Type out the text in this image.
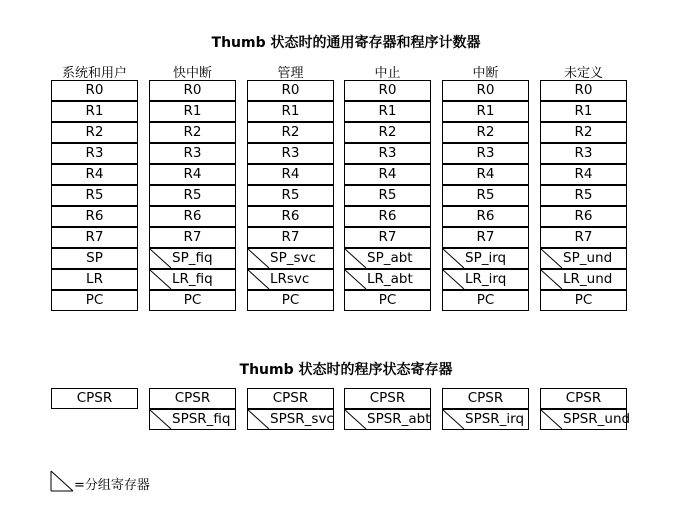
Thumb 状态时的通用寄存器和程序计数器
系统和用户
R0
R1
R2
R3
R4
R5
R6
R7
SP
LR
PC
快中断
R0
R1
R2
R3
R4
R5
R6
R7
SP_fiq
LR_fiq
PC
管理
R0
R1
R2
R3
R4
R5
R6
R7
SP_svc
LRsvc
PC
中止
R0
R1
R2
R3
R4
R5
R6
R7
SP_abt
LR_abt
PC
中断
R0
R1
R2
R3
R4
R5
R6
R7
SP_irq
LR_irq
PC
未定义
R0
R1
R2
R3
R4
R5
R6
R7
SP_und
LR_und
PC
Thumb 状态时的程序状态寄存器
CPSR	CPSR
SPSR_fiq
CPSR
SPSR_svc
CPSR
SPSR_abt
CPSR
SPSR_irq
CPSR
SPSR_und
=分组寄存器
